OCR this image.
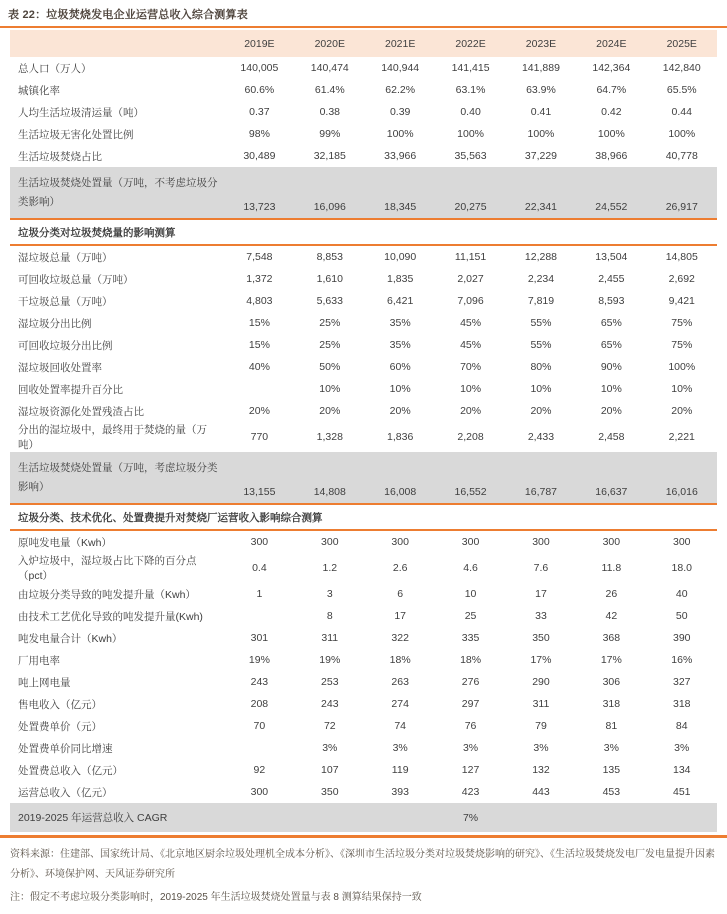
表 22：垃圾焚烧发电企业运营总收入综合测算表
	2019E	2020E	2021E	2022E	2023E	2024E	2025E
总人口（万人）	140,005	140,474	140,944	141,415	141,889	142,364	142,840
城镇化率	60.6%	61.4%	62.2%	63.1%	63.9%	64.7%	65.5%
人均生活垃圾清运量（吨）	0.37	0.38	0.39	0.40	0.41	0.42	0.44
生活垃圾无害化处置比例	98%	99%	100%	100%	100%	100%	100%
生活垃圾焚烧占比	30,489	32,185	33,966	35,563	37,229	38,966	40,778
生活垃圾焚烧处置量（万吨，不考虑垃圾分类影响）	13,723	16,096	18,345	20,275	22,341	24,552	26,917
垃圾分类对垃圾焚烧量的影响测算							
湿垃圾总量（万吨）	7,548	8,853	10,090	11,151	12,288	13,504	14,805
可回收垃圾总量（万吨）	1,372	1,610	1,835	2,027	2,234	2,455	2,692
干垃圾总量（万吨）	4,803	5,633	6,421	7,096	7,819	8,593	9,421
湿垃圾分出比例	15%	25%	35%	45%	55%	65%	75%
可回收垃圾分出比例	15%	25%	35%	45%	55%	65%	75%
湿垃圾回收处置率	40%	50%	60%	70%	80%	90%	100%
回收处置率提升百分比		10%	10%	10%	10%	10%	10%
湿垃圾资源化处置残渣占比	20%	20%	20%	20%	20%	20%	20%
分出的湿垃圾中，最终用于焚烧的量（万吨）	770	1,328	1,836	2,208	2,433	2,458	2,221
生活垃圾焚烧处置量（万吨，考虑垃圾分类影响）	13,155	14,808	16,008	16,552	16,787	16,637	16,016
垃圾分类、技术优化、处置费提升对焚烧厂运营收入影响综合测算							
原吨发电量（Kwh）	300	300	300	300	300	300	300
入炉垃圾中，湿垃圾占比下降的百分点（pct）	0.4	1.2	2.6	4.6	7.6	11.8	18.0
由垃圾分类导致的吨发提升量（Kwh）	1	3	6	10	17	26	40
由技术工艺优化导致的吨发提升量(Kwh)		8	17	25	33	42	50
吨发电量合计（Kwh）	301	311	322	335	350	368	390
厂用电率	19%	19%	18%	18%	17%	17%	16%
吨上网电量	243	253	263	276	290	306	327
售电收入（亿元）	208	243	274	297	311	318	318
处置费单价（元）	70	72	74	76	79	81	84
处置费单价同比增速		3%	3%	3%	3%	3%	3%
处置费总收入（亿元）	92	107	119	127	132	135	134
运营总收入（亿元）	300	350	393	423	443	453	451
2019-2025 年运营总收入 CAGR				7%			
资料来源：住建部、国家统计局、《北京地区厨余垃圾处理机全成本分析》、《深圳市生活垃圾分类对垃圾焚烧影响的研究》、《生活垃圾焚烧发电厂发电量提升因素分析》、环境保护网、天风证券研究所
注：假定不考虑垃圾分类影响时，2019-2025 年生活垃圾焚烧处置量与表 8 测算结果保持一致
